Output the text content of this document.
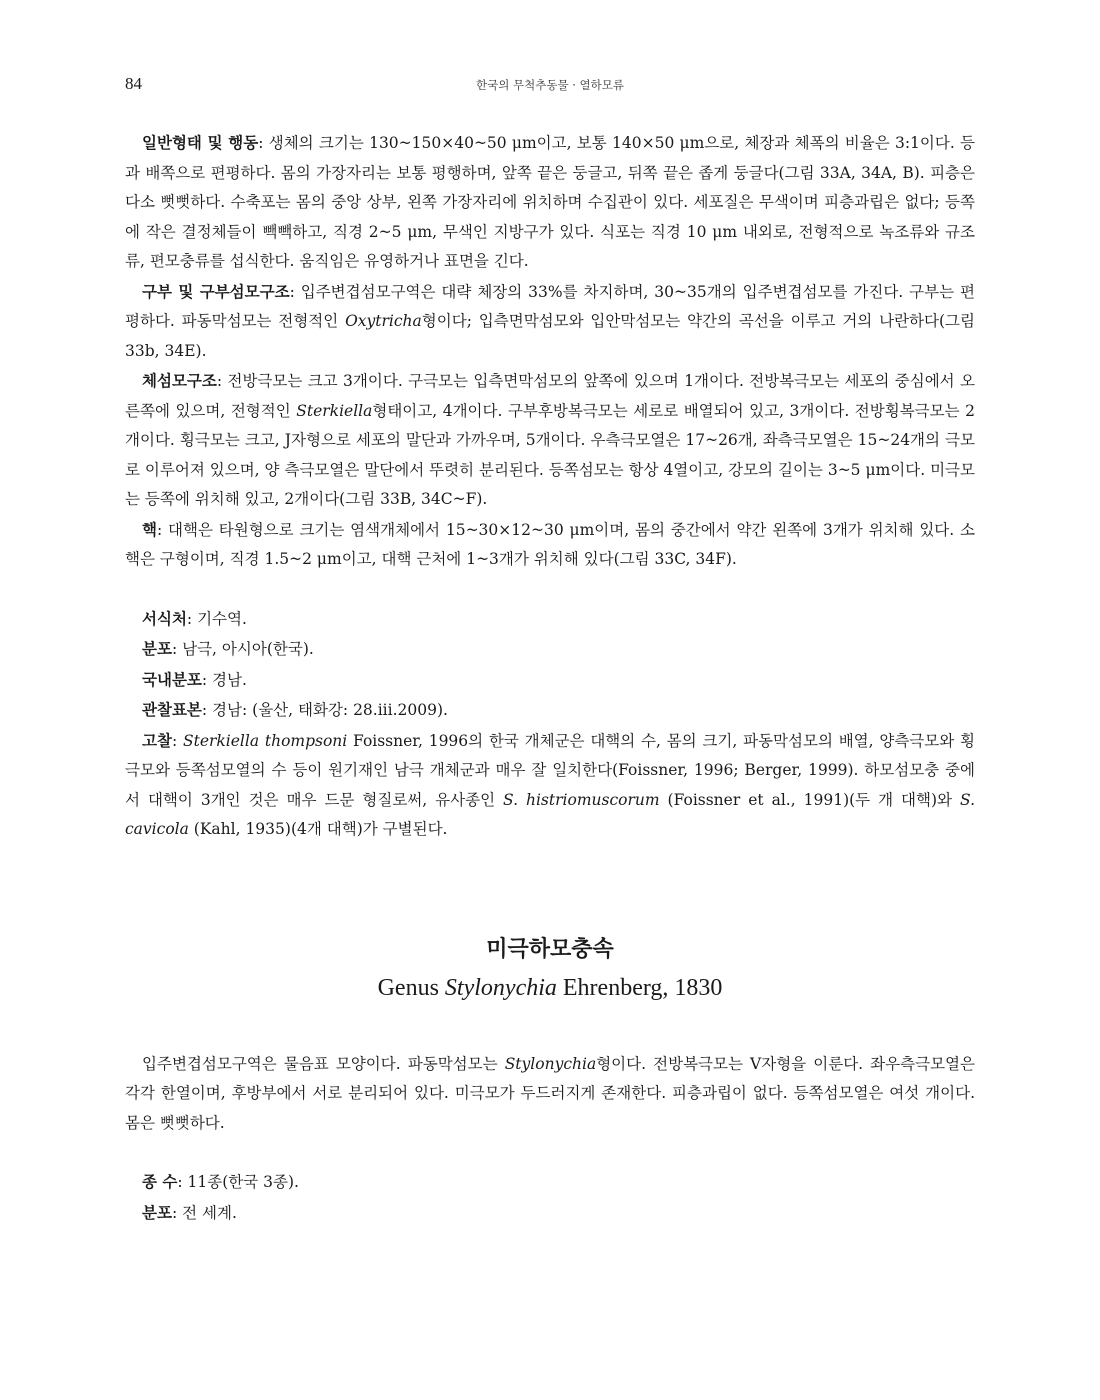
84	한국의 무척추동물 · 열하모류

일반형태 및 행동: 생체의 크기는 130~150×40~50 μm이고, 보통 140×50 μm으로, 체장과 체폭의 비율은 3:1이다. 등과 배쪽으로 편평하다. 몸의 가장자리는 보통 평행하며, 앞쪽 끝은 둥글고, 뒤쪽 끝은 좁게 둥글다(그림 33A, 34A, B). 피층은 다소 뻣뻣하다. 수축포는 몸의 중앙 상부, 왼쪽 가장자리에 위치하며 수집관이 있다. 세포질은 무색이며 피층과립은 없다; 등쪽에 작은 결정체들이 빽빽하고, 직경 2~5 μm, 무색인 지방구가 있다. 식포는 직경 10 μm 내외로, 전형적으로 녹조류와 규조류, 편모충류를 섭식한다. 움직임은 유영하거나 표면을 긴다.

구부 및 구부섬모구조: 입주변겹섬모구역은 대략 체장의 33%를 차지하며, 30~35개의 입주변겹섬모를 가진다. 구부는 편평하다. 파동막섬모는 전형적인 Oxytricha형이다; 입측면막섬모와 입안막섬모는 약간의 곡선을 이루고 거의 나란하다(그림 33b, 34E).

체섬모구조: 전방극모는 크고 3개이다. 구극모는 입측면막섬모의 앞쪽에 있으며 1개이다. 전방복극모는 세포의 중심에서 오른쪽에 있으며, 전형적인 Sterkiella형태이고, 4개이다. 구부후방복극모는 세로로 배열되어 있고, 3개이다. 전방횡복극모는 2개이다. 횡극모는 크고, J자형으로 세포의 말단과 가까우며, 5개이다. 우측극모열은 17~26개, 좌측극모열은 15~24개의 극모로 이루어져 있으며, 양 측극모열은 말단에서 뚜렷히 분리된다. 등쪽섬모는 항상 4열이고, 강모의 길이는 3~5 μm이다. 미극모는 등쪽에 위치해 있고, 2개이다(그림 33B, 34C~F).

핵: 대핵은 타원형으로 크기는 염색개체에서 15~30×12~30 μm이며, 몸의 중간에서 약간 왼쪽에 3개가 위치해 있다. 소핵은 구형이며, 직경 1.5~2 μm이고, 대핵 근처에 1~3개가 위치해 있다(그림 33C, 34F).

서식처: 기수역.

분포: 남극, 아시아(한국).

국내분포: 경남.

관찰표본: 경남: (울산, 태화강: 28.iii.2009).

고찰: Sterkiella thompsoni Foissner, 1996의 한국 개체군은 대핵의 수, 몸의 크기, 파동막섬모의 배열, 양측극모와 횡극모와 등쪽섬모열의 수 등이 원기재인 남극 개체군과 매우 잘 일치한다(Foissner, 1996; Berger, 1999). 하모섬모충 중에서 대핵이 3개인 것은 매우 드문 형질로써, 유사종인 S. histriomuscorum (Foissner et al., 1991)(두 개 대핵)와 S. cavicola (Kahl, 1935)(4개 대핵)가 구별된다.

미극하모충속
Genus Stylonychia Ehrenberg, 1830

입주변겹섬모구역은 물음표 모양이다. 파동막섬모는 Stylonychia형이다. 전방복극모는 V자형을 이룬다. 좌우측극모열은 각각 한열이며, 후방부에서 서로 분리되어 있다. 미극모가 두드러지게 존재한다. 피층과립이 없다. 등쪽섬모열은 여섯 개이다. 몸은 뻣뻣하다.

종 수: 11종(한국 3종).

분포: 전 세계.
